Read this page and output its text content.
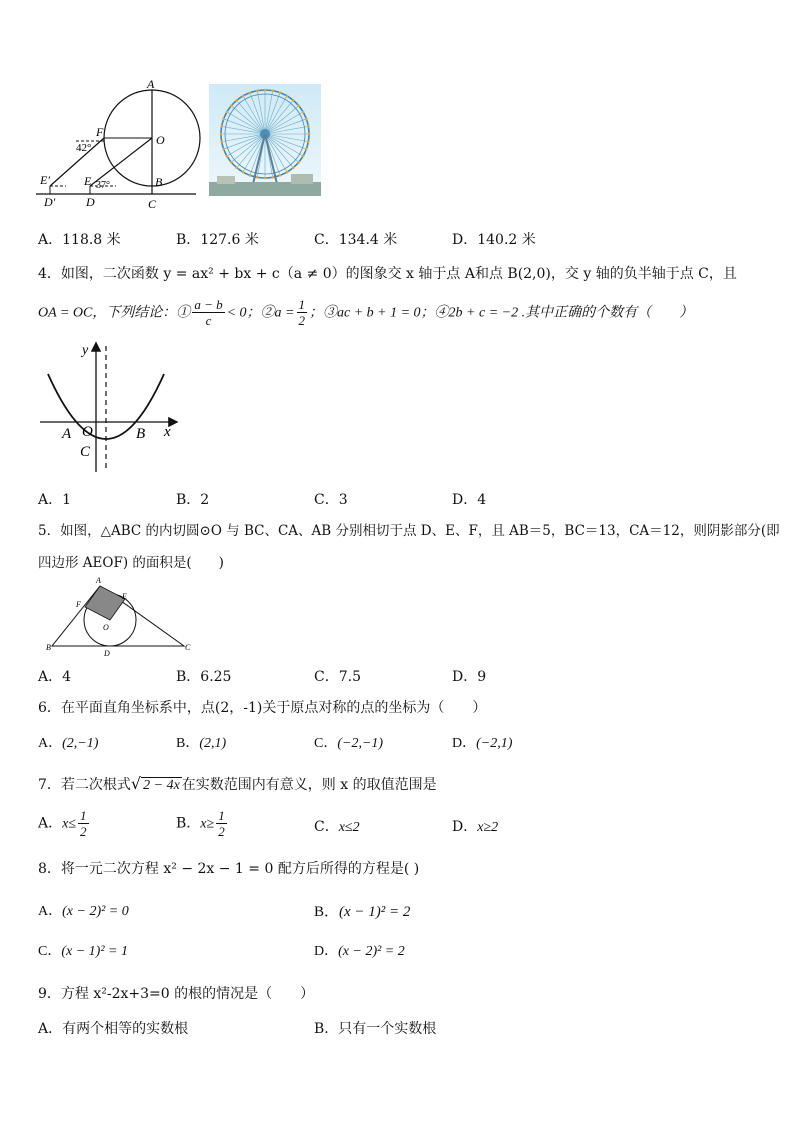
A
O
F
B
C
D
E
E′
D′
42°
37°
A．118.8 米	B．127.6 米	C．134.4 米	D．140.2 米
4．如图，二次函数 y = ax² + bx + c（a ≠ 0）的图象交 x 轴于点 A和点 B(2,0)，交 y 轴的负半轴于点 C，且
OA = OC，下列结论：① $\frac{a - b}{c} < 0$；②a = $\frac{1}{2}$ ；③ac + b + 1 = 0；④2b + c = −2 .其中正确的个数有（　　）
y
x
A O	B
C
A．1	B．2	C．3	D．4
5．如图，△ABC 的内切圆⊙O 与 BC、CA、AB 分别相切于点 D、E、F，且 AB＝5，BC＝13，CA＝12，则阴影部分(即
四边形 AEOF) 的面积是(　　)
A
B	C
D
E
F
O
A．4	B．6.25	C．7.5	D．9
6．在平面直角坐标系中，点(2，-1)关于原点对称的点的坐标为（　　）
A．(2,−1)	B．(2,1)	C．(−2,−1)	D．(−2,1)
7．若二次根式√ 2 − 4x 在实数范围内有意义，则 x 的取值范围是
A．$x\le \frac{1}{2}$	B．$x\ge \frac{1}{2}$	C．x≤2	D．x≥2
8．将一元二次方程 x² − 2x − 1 = 0 配方后所得的方程是( )
A．(x − 2)² = 0	B．(x − 1)² = 2
C．(x − 1)² = 1	D．(x − 2)² = 2
9．方程 x²-2x+3=0 的根的情况是（　　）
A．有两个相等的实数根	B．只有一个实数根
